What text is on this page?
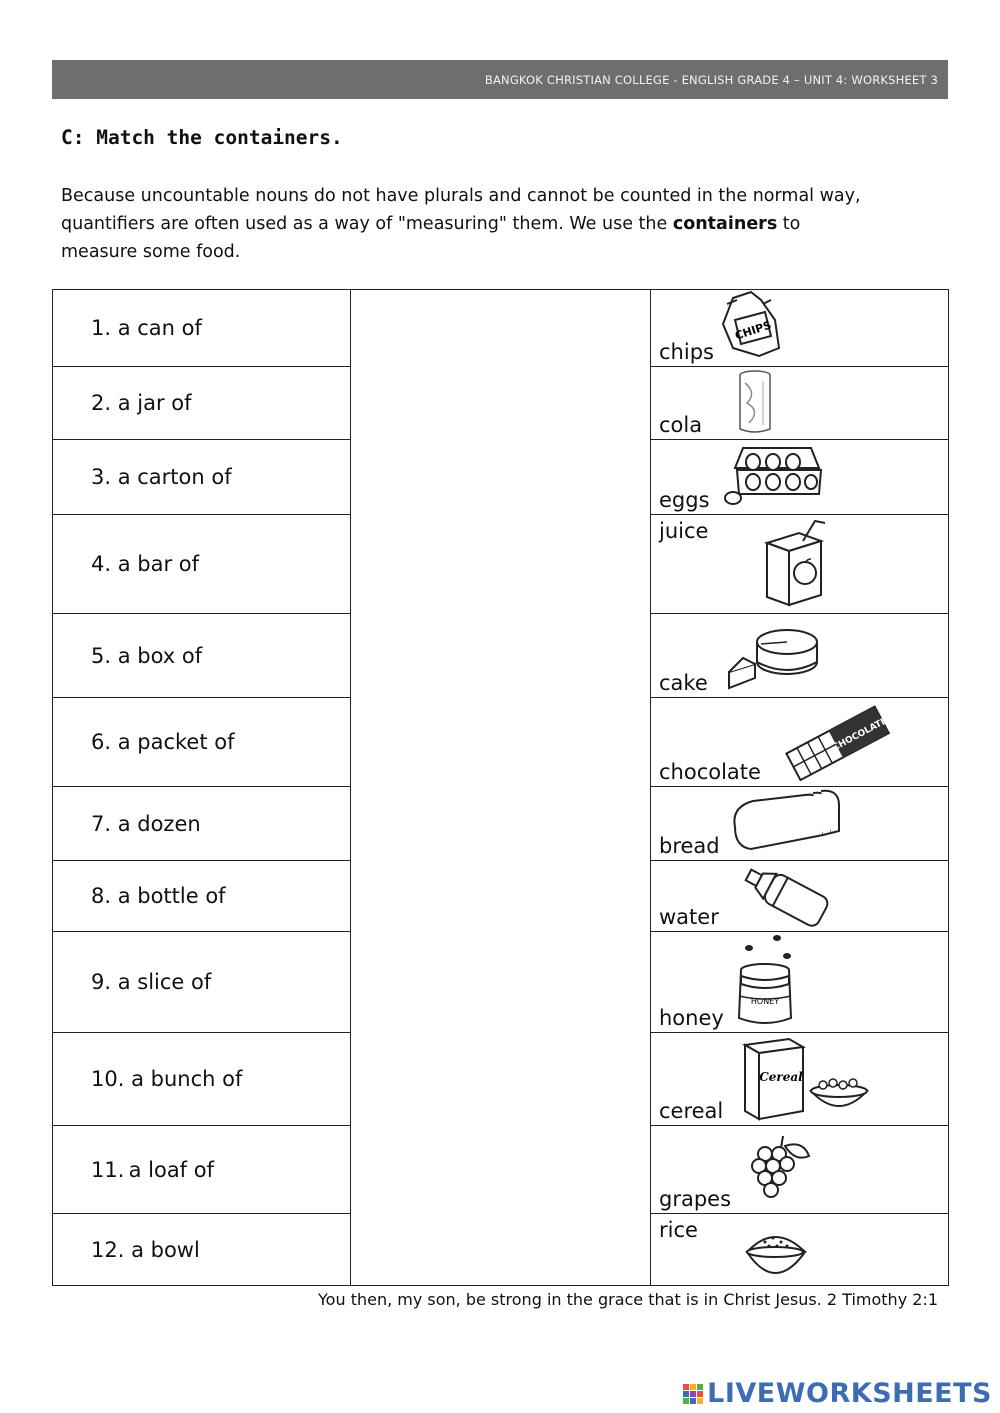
BANGKOK CHRISTIAN COLLEGE - ENGLISH GRADE 4 – UNIT 4: WORKSHEET 3
C: Match the containers.

Because uncountable nouns do not have plurals and cannot be counted in the normal way, quantifiers are often used as a way of "measuring" them. We use the containers to measure some food.

1. a can of		chips
CHIPS

2. a jar of		cola

3. a carton of		eggs

4. a bar of		juice

5. a box of		cake

6. a packet of		chocolate
CHOCOLATE

7. a dozen		bread

8. a bottle of		water

9. a slice of		honey
HONEY

10. a bunch of		cereal
Cereal

11. a loaf of		grapes

12. a bowl		rice

You then, my son, be strong in the grace that is in Christ Jesus. 2 Timothy 2:1

LIVEWORKSHEETS
